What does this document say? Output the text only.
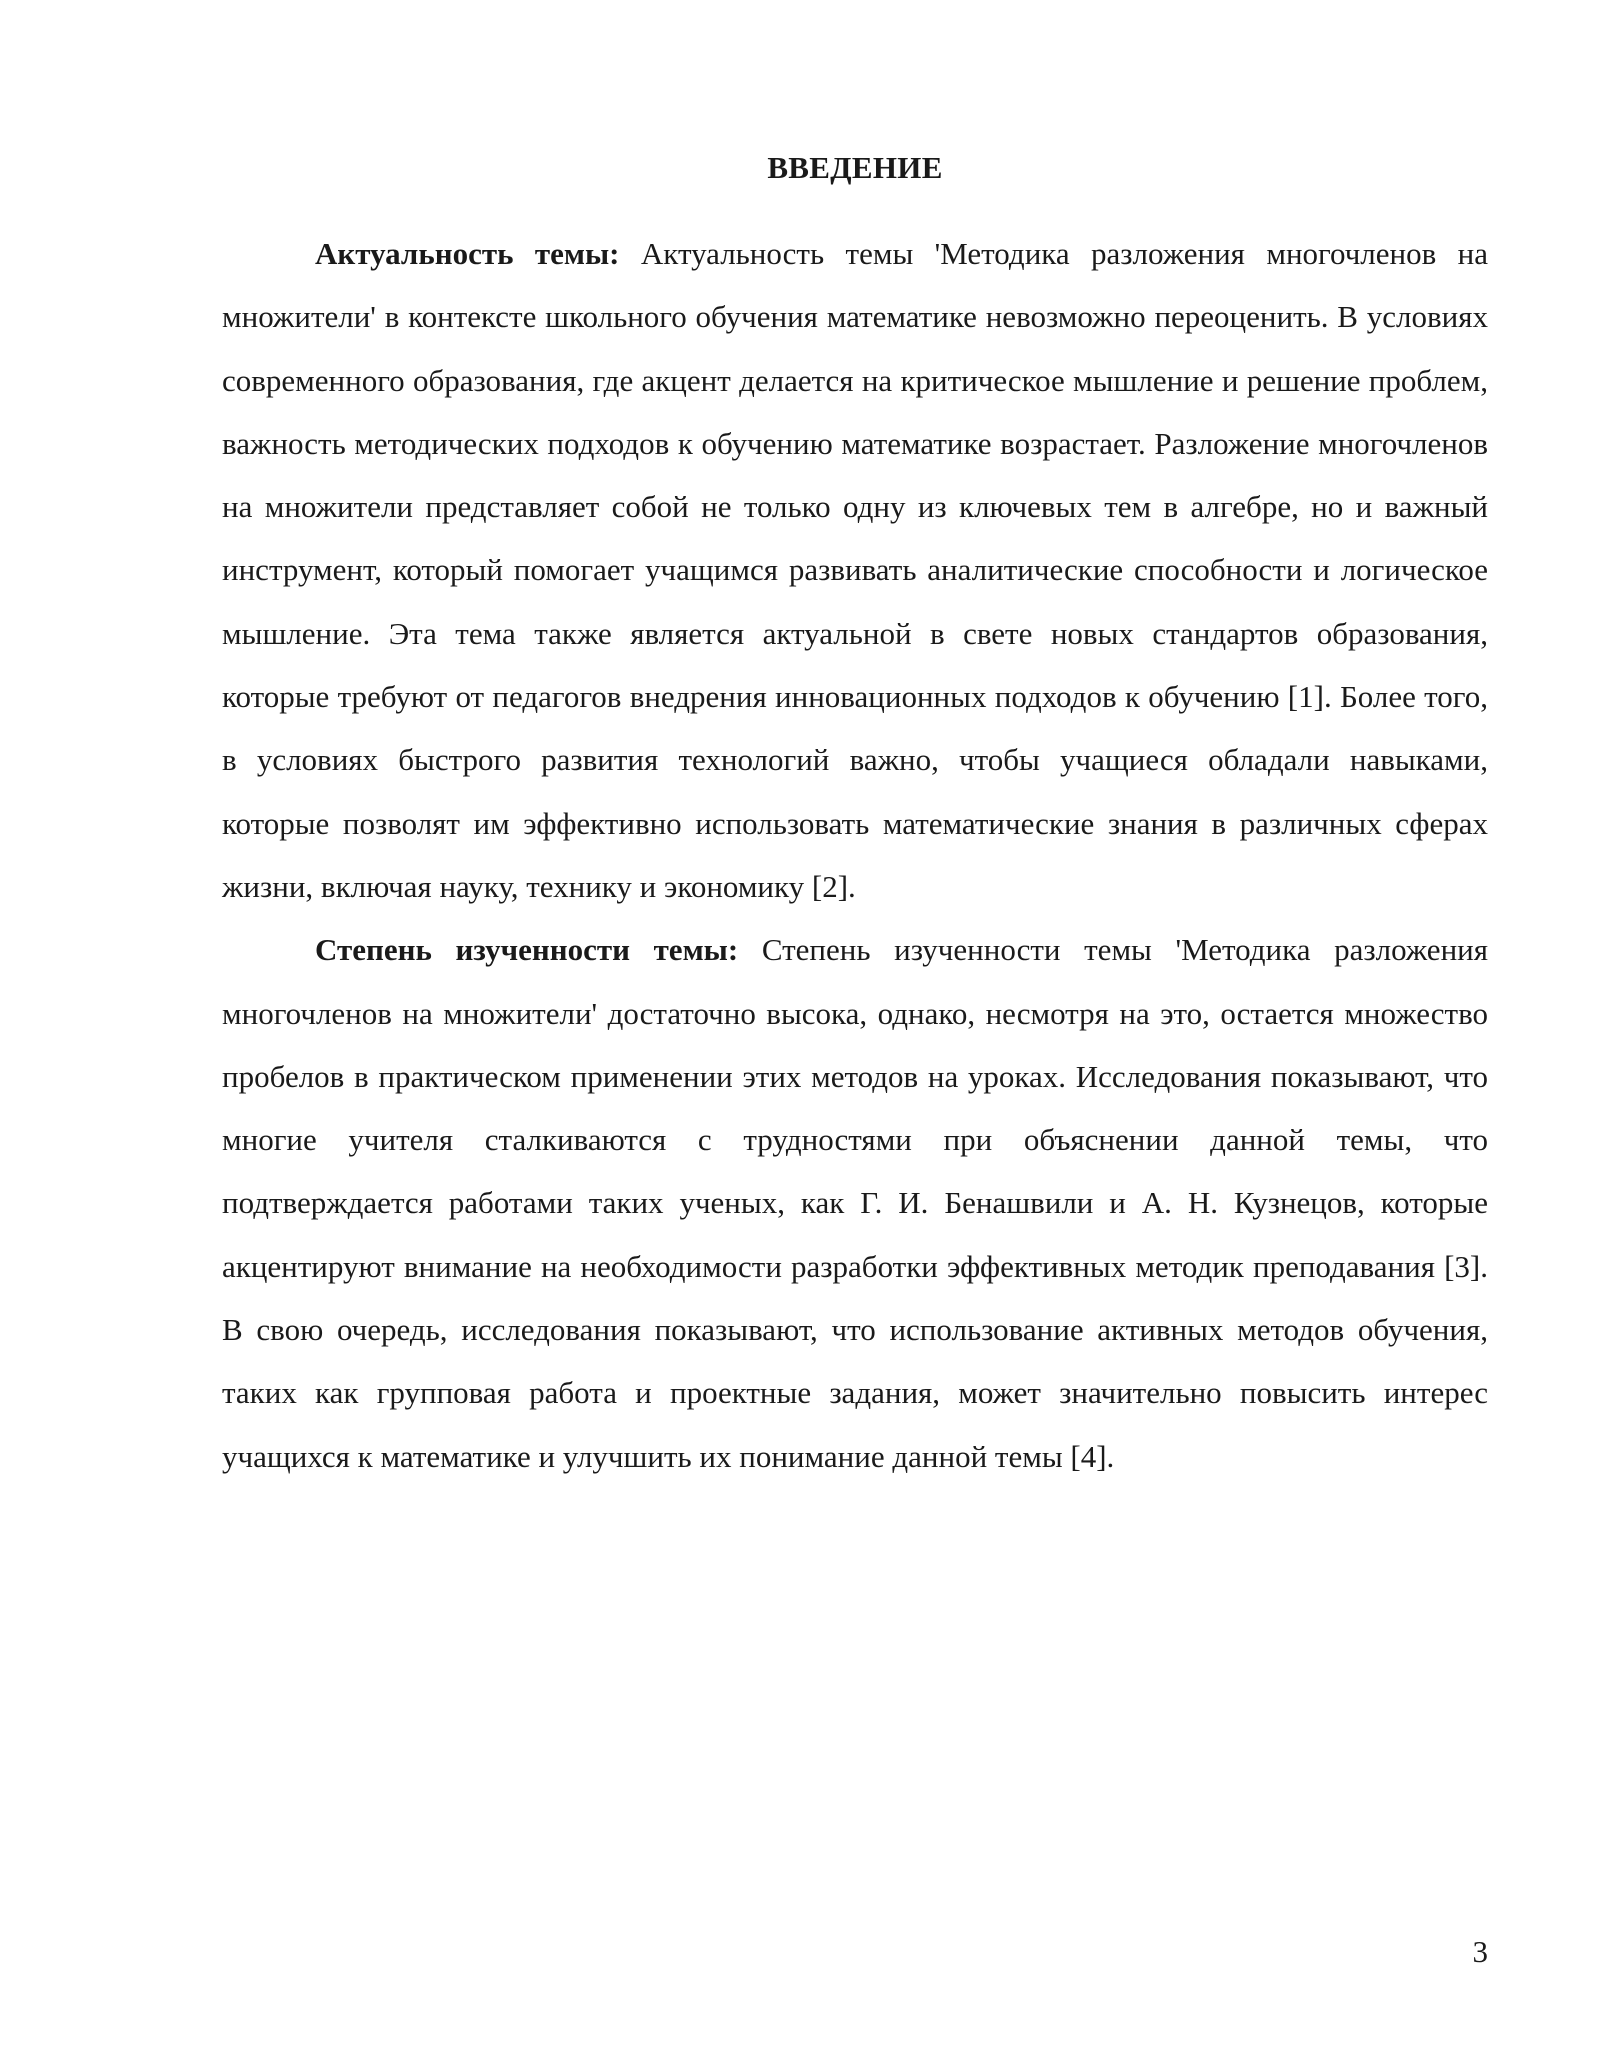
ВВЕДЕНИЕ

Актуальность темы: Актуальность темы 'Методика разложения многочленов на множители' в контексте школьного обучения математике невозможно переоценить. В условиях современного образования, где акцент делается на критическое мышление и решение проблем, важность методических подходов к обучению математике возрастает. Разложение многочленов на множители представляет собой не только одну из ключевых тем в алгебре, но и важный инструмент, который помогает учащимся развивать аналитические способности и логическое мышление. Эта тема также является актуальной в свете новых стандартов образования, которые требуют от педагогов внедрения инновационных подходов к обучению [1]. Более того, в условиях быстрого развития технологий важно, чтобы учащиеся обладали навыками, которые позволят им эффективно использовать математические знания в различных сферах жизни, включая науку, технику и экономику [2].

Степень изученности темы: Степень изученности темы 'Методика разложения многочленов на множители' достаточно высока, однако, несмотря на это, остается множество пробелов в практическом применении этих методов на уроках. Исследования показывают, что многие учителя сталкиваются с трудностями при объяснении данной темы, что подтверждается работами таких ученых, как Г. И. Бенашвили и А. Н. Кузнецов, которые акцентируют внимание на необходимости разработки эффективных методик преподавания [3]. В свою очередь, исследования показывают, что использование активных методов обучения, таких как групповая работа и проектные задания, может значительно повысить интерес учащихся к математике и улучшить их понимание данной темы [4].

3
